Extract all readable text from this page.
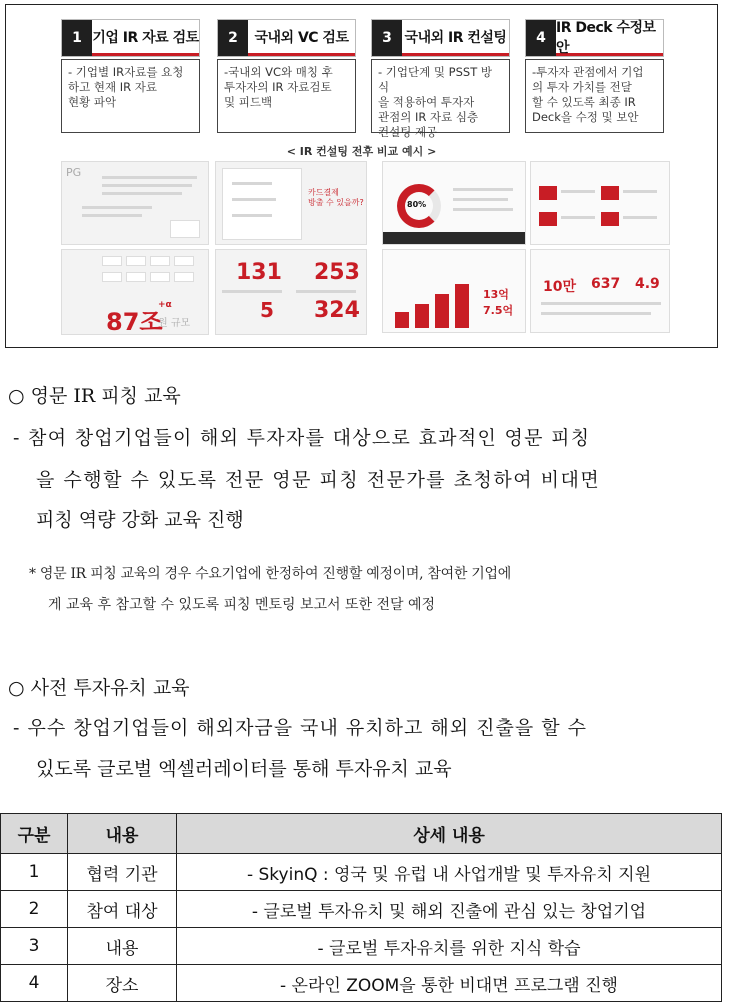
1 기업 IR 자료 검토
- 기업별 IR자료를 요청
하고 현재 IR 자료
현황 파악
2	국내외 VC 검토
-국내외 VC와 매칭 후
투자자의 IR 자료검토
및 피드백
3 국내외 IR 컨설팅
- 기업단계 및 PSST 방식
을 적용하여 투자자
관점의 IR 자료 심층
컨설팅 제공
4
IR Deck 수정보안
-투자자 관점에서 기업
의 투자 가치를 전달
할 수 있도록 최종 IR
Deck을 수정 및 보안
< IR 컨설팅 전후 비교 예시 >
PG
카드결제
방출 수 있을까?
87조
+α
원 규모
131 253
5 324
80%
13억
7.5억
10만 637 4.9
○ 영문 IR 피칭 교육
- 참여 창업기업들이 해외 투자자를 대상으로 효과적인 영문 피칭
을 수행할 수 있도록 전문 영문 피칭 전문가를 초청하여 비대면
피칭 역량 강화 교육 진행
* 영문 IR 피칭 교육의 경우 수요기업에 한정하여 진행할 예정이며, 참여한 기업에
게 교육 후 참고할 수 있도록 피칭 멘토링 보고서 또한 전달 예정
○ 사전 투자유치 교육
- 우수 창업기업들이 해외자금을 국내 유치하고 해외 진출을 할 수
있도록 글로벌 엑셀러레이터를 통해 투자유치 교육
구분	내용	상세 내용
1	협력 기관	- SkyinQ : 영국 및 유럽 내 사업개발 및 투자유치 지원
2	참여 대상	- 글로벌 투자유치 및 해외 진출에 관심 있는 창업기업
3	내용	- 글로벌 투자유치를 위한 지식 학습
4	장소	- 온라인 ZOOM을 통한 비대면 프로그램 진행
